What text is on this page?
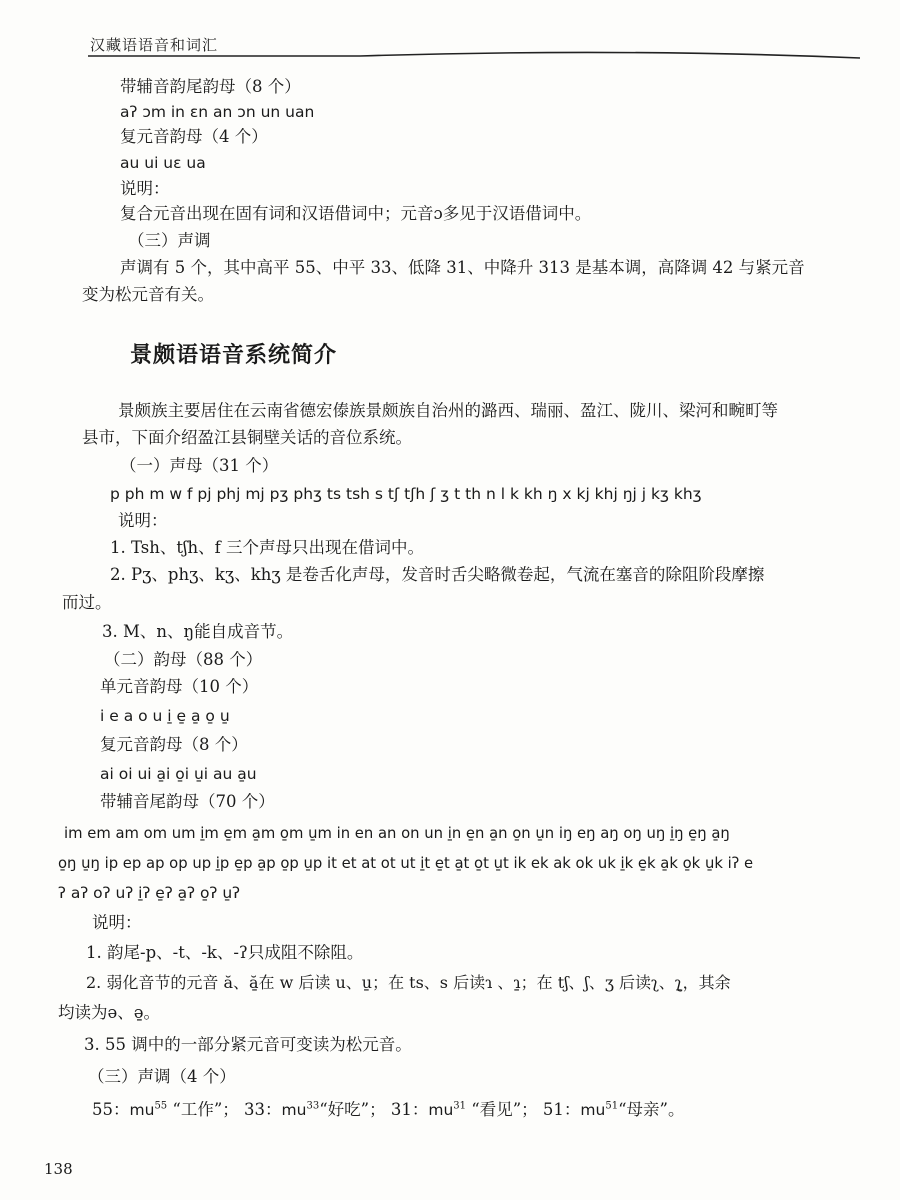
汉藏语语音和词汇
带辅音韵尾韵母（8 个）
aʔ ɔm in ɛn an ɔn un uan
复元音韵母（4 个）
au ui uɛ ua
说明：
复合元音出现在固有词和汉语借词中；元音ɔ多见于汉语借词中。
（三）声调
声调有 5 个，其中高平 55、中平 33、低降 31、中降升 313 是基本调，高降调 42 与紧元音
变为松元音有关。
景颇语语音系统简介
景颇族主要居住在云南省德宏傣族景颇族自治州的潞西、瑞丽、盈江、陇川、梁河和畹町等
县市，下面介绍盈江县铜壁关话的音位系统。
（一）声母（31 个）
p ph m w f pj phj mj pʒ phʒ ts tsh s tʃ tʃh ʃ ʒ t th n l k kh ŋ x kj khj ŋj j kʒ khʒ
说明：
1. Tsh、tʃh、f 三个声母只出现在借词中。
2. Pʒ、phʒ、kʒ、khʒ 是卷舌化声母，发音时舌尖略微卷起，气流在塞音的除阻阶段摩擦
而过。
3. M、n、ŋ能自成音节。
（二）韵母（88 个）
单元音韵母（10 个）
i e a o u i̱ e̱ a̱ o̱ u̱
复元音韵母（8 个）
ai oi ui a̱i o̱i u̱i au a̱u
带辅音尾韵母（70 个）
im em am om um i̱m e̱m a̱m o̱m u̱m in en an on un i̱n e̱n a̱n o̱n u̱n iŋ eŋ aŋ oŋ uŋ i̱ŋ e̱ŋ a̱ŋ
o̱ŋ u̱ŋ ip ep ap op up i̱p e̱p a̱p o̱p u̱p it et at ot ut i̱t e̱t a̱t o̱t u̱t ik ek ak ok uk i̱k e̱k a̱k o̱k u̱k iʔ e
ʔ aʔ oʔ uʔ i̱ʔ e̱ʔ a̱ʔ o̱ʔ u̱ʔ
说明：
1. 韵尾-p、-t、-k、-ʔ只成阻不除阻。
2. 弱化音节的元音 ă、ă̱在 w 后读 u、u̱；在 ts、s 后读ɿ 、ɿ̱；在 tʃ、ʃ、ʒ 后读ʅ、ʅ̱，其余
均读为ə、ə̱。
3. 55 调中的一部分紧元音可变读为松元音。
（三）声调（4 个）
55：$mu^{55}$ “工作”； 33：$mu^{33}“$好吃”； 31：$mu^{31}$ “看见”； 51：$mu^{51}“$母亲”。
138
